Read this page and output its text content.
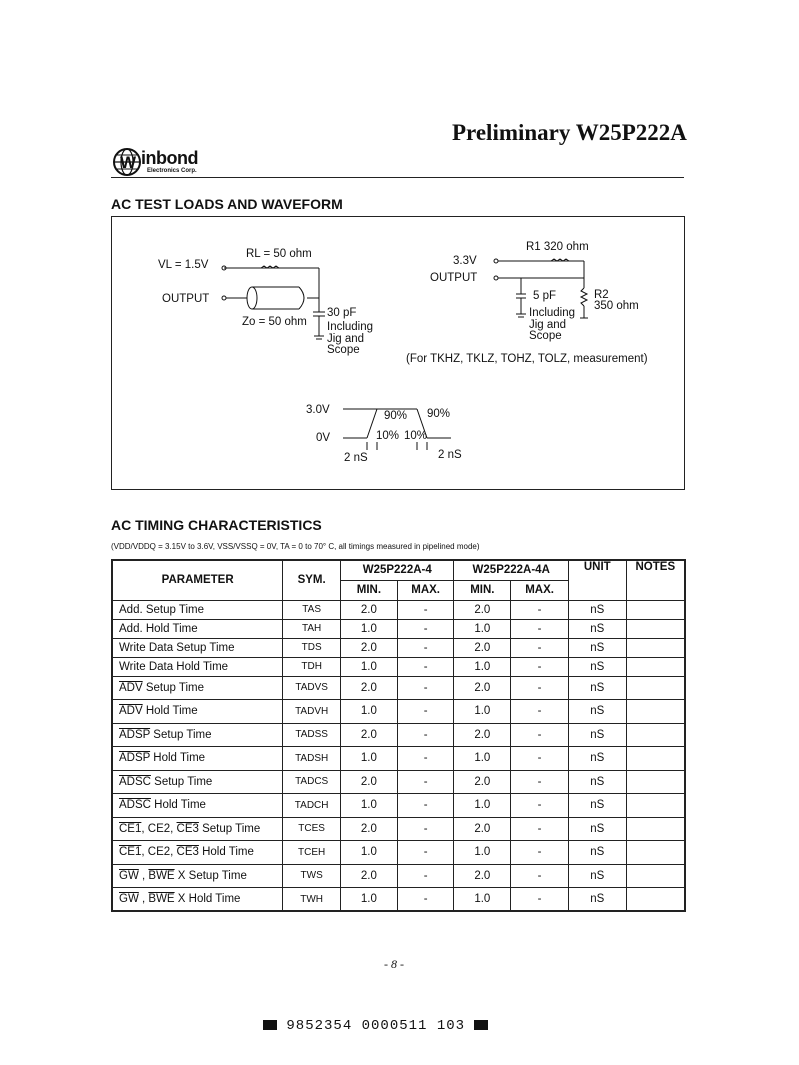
Preliminary W25P222A
W inbond
Electronics Corp.
AC TEST LOADS AND WAVEFORM
VL = 1.5V
RL = 50 ohm
OUTPUT
Zo = 50 ohm
30 pF
Including
Jig and
Scope
R1 320 ohm
3.3V
OUTPUT
5 pF
Including
Jig and
Scope
R2
350 ohm
(For TKHZ, TKLZ, TOHZ, TOLZ, measurement)
3.0V
0V
90% 90%
10% 10%
2 nS	2 nS
AC TIMING CHARACTERISTICS
(VDD/VDDQ = 3.15V to 3.6V, VSS/VSSQ = 0V, TA = 0 to 70° C, all timings measured in pipelined mode)
PARAMETER	SYM.	W25P222A-4		W25P222A-4A		UNIT	NOTES
		MIN.	MAX.	MIN.	MAX.		
Add. Setup Time	TAS	2.0	-	2.0	-	nS	
Add. Hold Time	TAH	1.0	-	1.0	-	nS	
Write Data Setup Time	TDS	2.0	-	2.0	-	nS	
Write Data Hold Time	TDH	1.0	-	1.0	-	nS	
$\overline{ADV}$ Setup Time	TADVS	2.0	-	2.0	-	nS	
$\overline{ADV}$ Hold Time	TADVH	1.0	-	1.0	-	nS	
ADSP Setup Time	TADSS	2.0	-	2.0	-	nS	
ADSP Hold Time	TADSH	1.0	-	1.0	-	nS	
ADSC Setup Time	TADCS	2.0	-	2.0	-	nS	
ADSC Hold Time	TADCH	1.0	-	1.0	-	nS	
CE1, CE2, CE3 Setup Time	TCES	2.0	-	2.0	-	nS	
CE1, CE2, CE3 Hold Time	TCEH	1.0	-	1.0	-	nS	
$\overline{GW}$ , $\overline{BWE}$ X Setup Time	TWS	2.0	-	2.0	-	nS	
$\overline{GW}$ , $\overline{BWE}$ X Hold Time	TWH	1.0	-	1.0	-	nS	
- 8 -
9852354 0000511 103
